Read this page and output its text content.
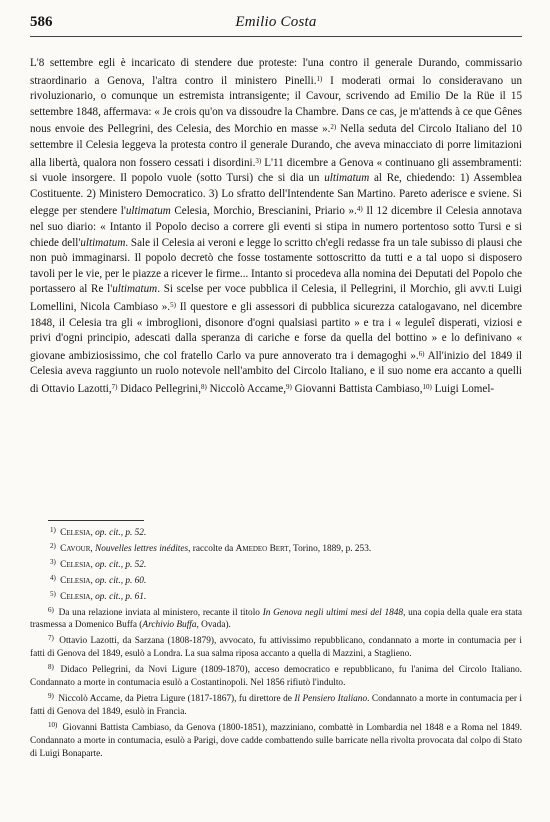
586	Emilio Costa

L'8 settembre egli è incaricato di stendere due proteste: l'una contro il generale Durando, commissario straordinario a Genova, l'altra contro il ministero Pinelli.$^{1)}$ I moderati ormai lo consideravano un rivoluzionario, o comunque un estremista intransigente; il Cavour, scrivendo ad Emilio De la Rüe il 15 settembre 1848, affermava: « Je crois qu'on va dissoudre la Chambre. Dans ce cas, je m'attends à ce que Gênes nous envoie des Pellegrini, des Celesia, des Morchio en masse ».$^{2)}$ Nella seduta del Circolo Italiano del 10 settembre il Celesia leggeva la protesta contro il generale Durando, che aveva minacciato di porre limitazioni alla libertà, qualora non fossero cessati i disordini.$^{3)}$ L'11 dicembre a Genova « continuano gli assembramenti: si vuole insorgere. Il popolo vuole (sotto Tursi) che si dia un ultimatum al Re, chiedendo: 1) Assemblea Costituente. 2) Ministero Democratico. 3) Lo sfratto dell'Intendente San Martino. Pareto aderisce e sviene. Si elegge per stendere l'ultimatum Celesia, Morchio, Brescianini, Priario ».$^{4)}$ Il 12 dicembre il Celesia annotava nel suo diario: « Intanto il Popolo deciso a correre gli eventi si stipa in numero portentoso sotto Tursi e si chiede dell'ultimatum. Sale il Celesia ai veroni e legge lo scritto ch'egli redasse fra un tale subisso di plausi che non può immaginarsi. Il popolo decretò che fosse tostamente sottoscritto da tutti e a tal uopo si disposero tavoli per le vie, per le piazze a ricever le firme... Intanto si procedeva alla nomina dei Deputati del Popolo che portassero al Re l'ultimatum. Si scelse per voce pubblica il Celesia, il Pellegrini, il Morchio, gli avv.ti Luigi Lomellini, Nicola Cambiaso ».$^{5)}$ Il questore e gli assessori di pubblica sicurezza catalogavano, nel dicembre 1848, il Celesia tra gli « imbroglioni, disonore d'ogni qualsiasi partito » e tra i « leguleî disperati, viziosi e privi d'ogni principio, adescati dalla speranza di cariche e forse da quella del bottino » e lo definivano « giovane ambiziosissimo, che col fratello Carlo va pure annoverato tra i demagoghi ».$^{6)}$ All'inizio del 1849 il Celesia aveva raggiunto un ruolo notevole nell'ambito del Circolo Italiano, e il suo nome era accanto a quelli di Ottavio Lazotti,$^{7)}$ Didaco Pellegrini,$^{8)}$ Niccolò Accame,$^{9)}$ Giovanni Battista Cambiaso,$^{10)}$ Luigi Lomel-

$^{1)}$ Celesia, op. cit., p. 52.

$^{2)}$ Cavour, Nouvelles lettres inédites, raccolte da Amedeo Bert, Torino, 1889, p. 253.

$^{3)}$ Celesia, op. cit., p. 52.

$^{4)}$ Celesia, op. cit., p. 60.

$^{5)}$ Celesia, op. cit., p. 61.

$^{6)}$ Da una relazione inviata al ministero, recante il titolo In Genova negli ultimi mesi del 1848, una copia della quale era stata trasmessa a Domenico Buffa (Archivio Buffa, Ovada).

$^{7)}$ Ottavio Lazotti, da Sarzana (1808-1879), avvocato, fu attivissimo repubblicano, condannato a morte in contumacia per i fatti di Genova del 1849, esulò a Londra. La sua salma riposa accanto a quella di Mazzini, a Staglieno.

$^{8)}$ Didaco Pellegrini, da Novi Ligure (1809-1870), acceso democratico e repubblicano, fu l'anima del Circolo Italiano. Condannato a morte in contumacia esulò a Costantinopoli. Nel 1856 rifiutò l'indulto.

$^{9)}$ Niccolò Accame, da Pietra Ligure (1817-1867), fu direttore de Il Pensiero Italiano. Condannato a morte in contumacia per i fatti di Genova del 1849, esulò in Francia.

$^{10)}$ Giovanni Battista Cambiaso, da Genova (1800-1851), mazziniano, combattè in Lombardia nel 1848 e a Roma nel 1849. Condannato a morte in contumacia, esulò a Parigi, dove cadde combattendo sulle barricate nella rivolta provocata dal colpo di Stato di Luigi Bonaparte.
